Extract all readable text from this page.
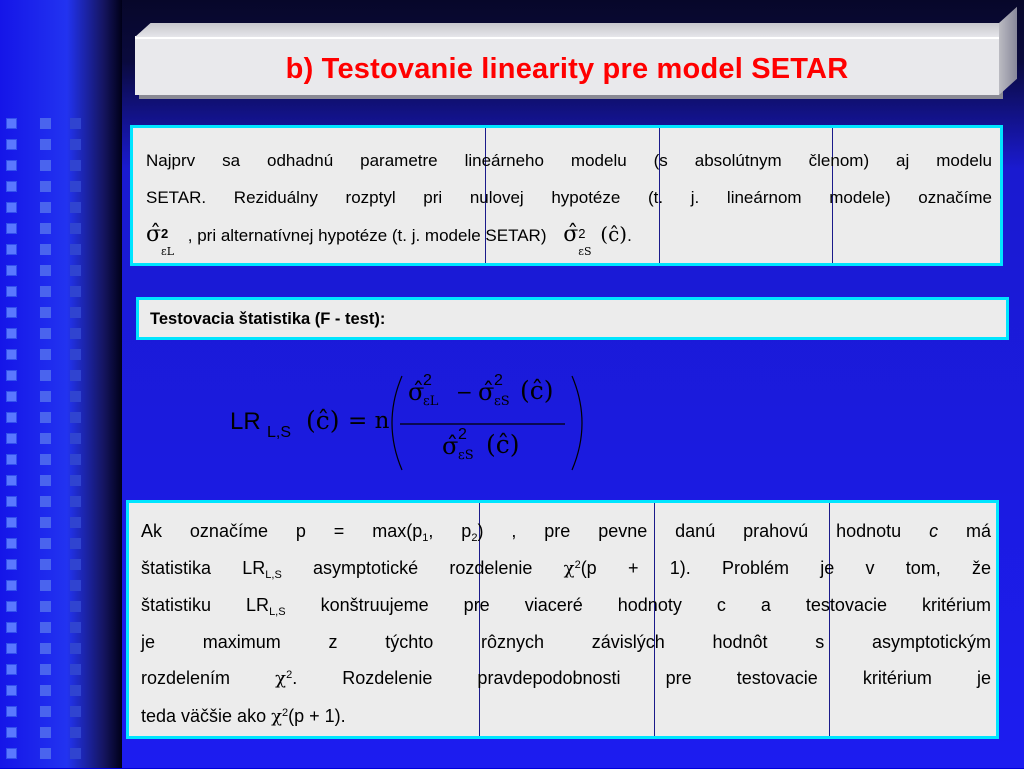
b) Testovanie linearity pre model SETAR
Najprv sa odhadnú parametre lineárneho modelu (s absolútnym členom) aj modelu
SETAR. Reziduálny rozptyl pri nulovej hypotéze (t. j. lineárnom modele) označíme
σ̂ 2
εL
, pri alternatívnej hypotéze (t. j. modele SETAR) σ̂ 2
εS
(ĉ).
Testovacia štatistika (F - test):
LR L,S (ĉ) = n
σ̂
2
εL − σ̂ 2
εS (ĉ)
σ̂ 2
εS (ĉ)
Ak označíme $p = \max(p_1$, $p_2$) , pre pevne danú prahovú hodnotu c má
štatistika $LR_{L,S}$ asymptotické rozdelenie $\chi^2(p + 1)$. Problém je v tom, že
štatistiku $LR_{L,S}$ konštruujeme pre viaceré hodnoty c a testovacie kritérium
je maximum z týchto rôznych závislých hodnôt s asymptotickým
rozdelením $\chi^2$. Rozdelenie pravdepodobnosti pre testovacie kritérium je
teda väčšie ako $\chi^2(p + 1)$.
